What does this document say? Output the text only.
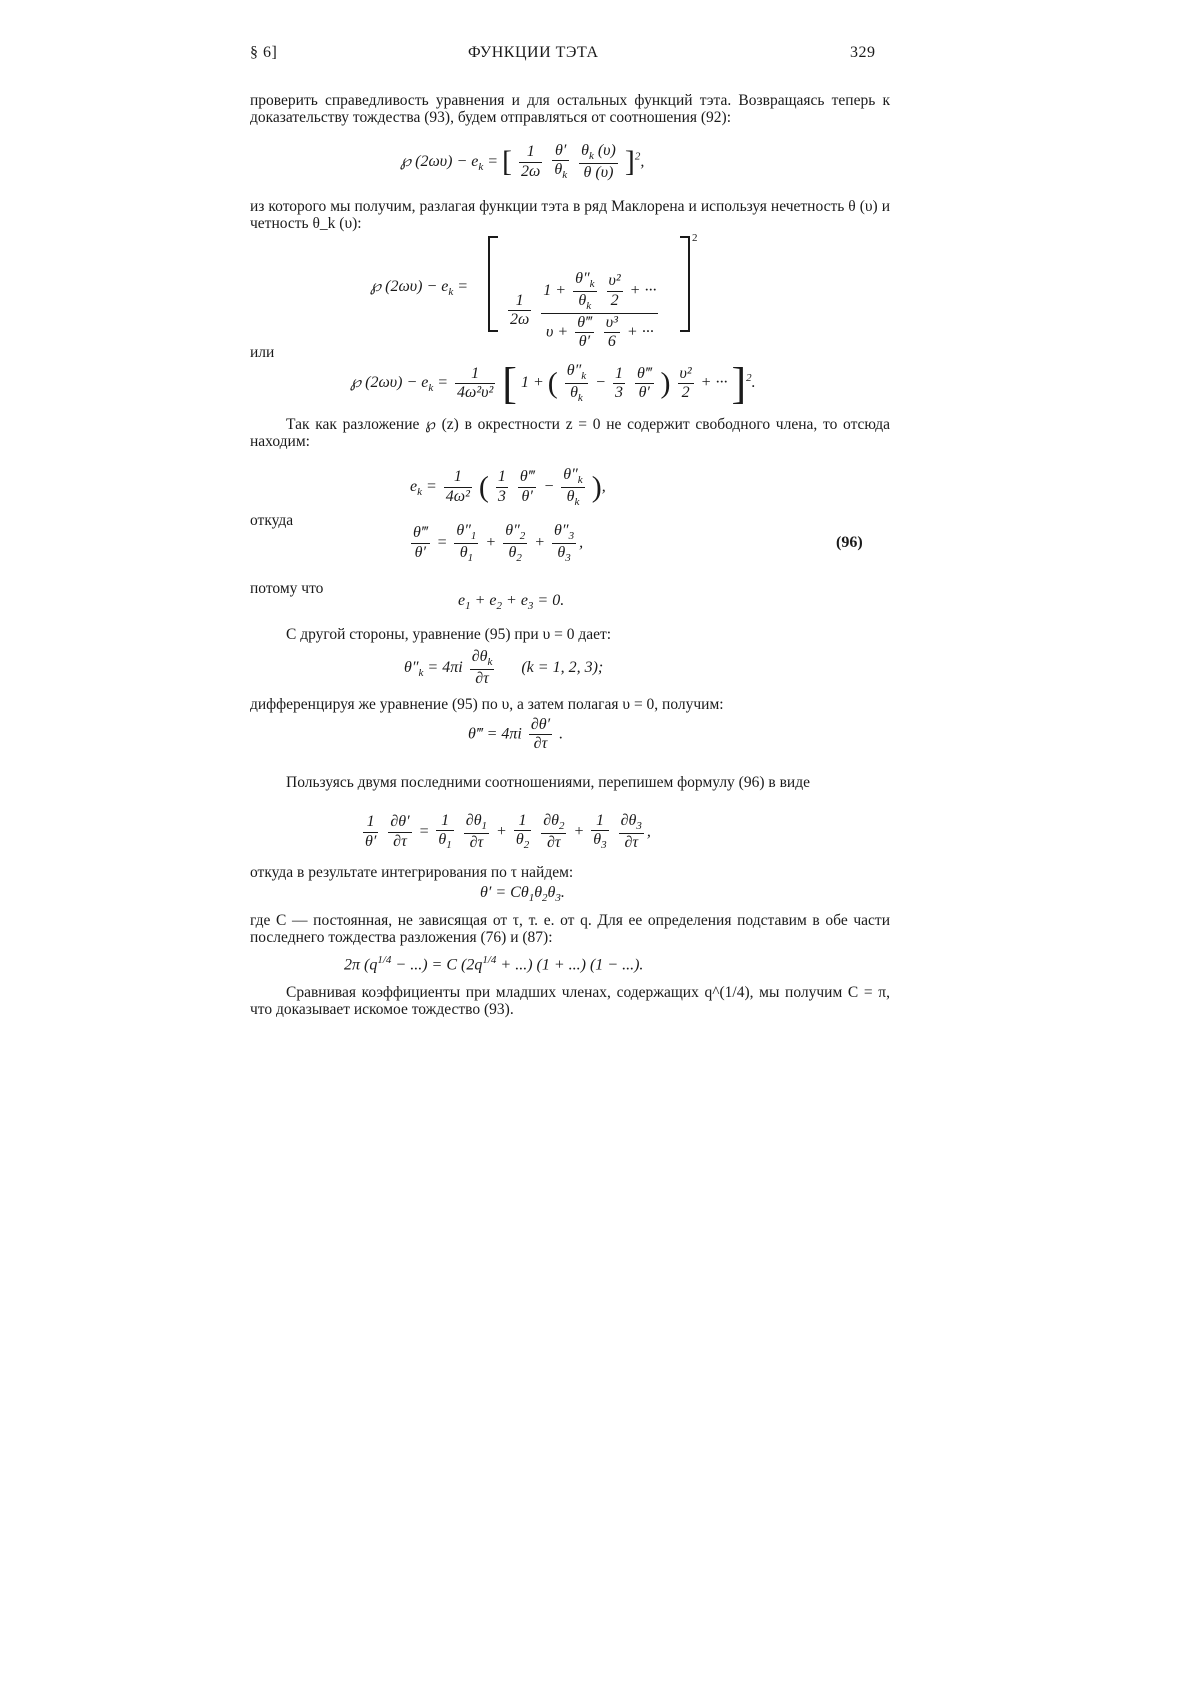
§ 6]	ФУНКЦИИ ТЭТА	329
проверить справедливость уравнения и для остальных функций тэта. Возвращаясь теперь к доказательству тождества (93), будем отправляться от соотношения (92):
℘ $(2\omega\upsilon) - e_k$ = [ $\frac{1}{2\omega}$
$\frac{\theta'}{\theta_k}$
$\frac{\theta_k (\upsilon)}{\theta (\upsilon)} ]^2$,
из которого мы получим, разлагая функции тэта в ряд Маклорена и используя нечетность θ (υ) и четность θ_k (υ):
℘ $(2\omega\upsilon) - e_k$ =
$\frac{1}{2\omega}$
$1 + \frac{\theta''_k}{\theta_k}$
$\frac{\text{υ²}}{2}$ + ···
$\upsilon + \frac{\theta‴}{\theta'}$
$\frac{\text{υ³}}{6}$ + ···
2
или
℘ $(2\omega\upsilon) - e_k = \frac{1}{\text{4ω²υ²}}$ [ 1 + ( $\frac{\theta''_k}{\theta_k} - \frac{1}{3}$
$\frac{\theta‴}{\theta'}$ ) $\frac{\text{υ²}}{2}$ + ··· ]$^2$.
Так как разложение ℘ (z) в окрестности z = 0 не содержит свободного члена, то отсюда находим:
$e_k = \frac{1}{\text{4ω²}}$ ( $\frac{1}{3}$
$\frac{\theta‴}{\theta'} - \frac{\theta''_k}{\theta_k}$ ),
откуда
$\frac{\theta‴}{\theta'} = \frac{\theta''_1}{\theta_1} + \frac{\theta''_2}{\theta_2} + \frac{\theta''_3}{\theta_3}$ ,	(96)
потому что
$e_1 + e_2 + e_3 = 0$.
С другой стороны, уравнение (95) при υ = 0 дает:
$\theta''_k = 4\pi i \frac{\partial\theta_k}{\partial\tau} (k = 1$, 2, 3);
дифференцируя же уравнение (95) по υ, а затем полагая υ = 0, получим:
θ‴ = $4\pi i \frac{\partial\theta'}{\partial\tau}$ .
Пользуясь двумя последними соотношениями, перепишем формулу (96) в виде
$\frac{1}{\theta'}$
$\frac{\partial\theta'}{\partial\tau} = \frac{1}{\theta_1}$
$\frac{\partial\theta_1}{\partial\tau} + \frac{1}{\theta_2}$
$\frac{\partial\theta_2}{\partial\tau} + \frac{1}{\theta_3}$
$\frac{\partial\theta_3}{\partial\tau}$ ,
откуда в результате интегрирования по τ найдем:
$\theta' = C\theta_1\theta_2\theta_3$.
где C — постоянная, не зависящая от τ, т. е. от q. Для ее определения подставим в обе части последнего тождества разложения (76) и (87):
2π ($q^{1/4}$ − ...) = C ($2q^{1/4}$ + ...) (1 + ...) (1 − ...).
Сравнивая коэффициенты при младших членах, содержащих q^(1/4), мы получим C = π, что доказывает искомое тождество (93).
